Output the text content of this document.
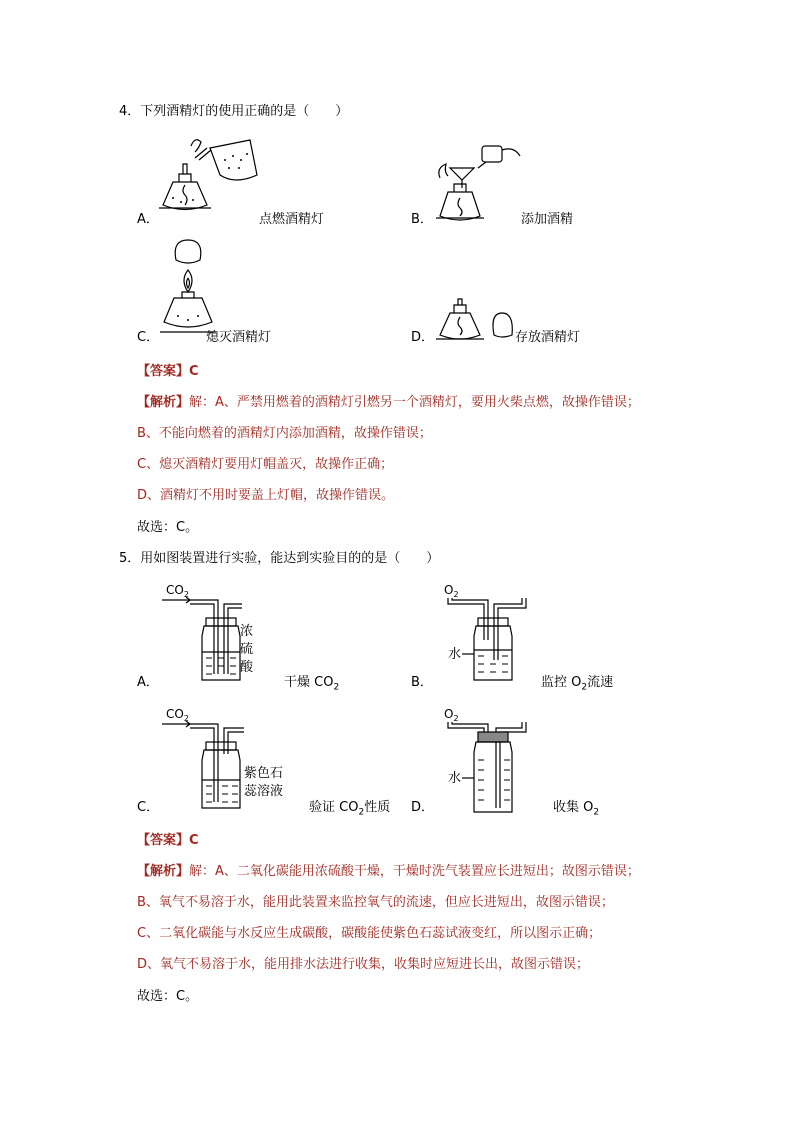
4．下列酒精灯的使用正确的是（　　）
A．	点燃酒精灯	B．	添加酒精
C．	熄灭酒精灯	D．	存放酒精灯
【答案】C
【解析】解：A、严禁用燃着的酒精灯引燃另一个酒精灯，要用火柴点燃，故操作错误；
B、不能向燃着的酒精灯内添加酒精，故操作错误；
C、熄灭酒精灯要用灯帽盖灭，故操作正确；
D、酒精灯不用时要盖上灯帽，故操作错误。
故选：C。
5．用如图装置进行实验，能达到实验目的的是（　　）
$CO_2$
浓
硫
酸
A．	干燥 $CO_2$
$O_2$
水
B．	监控 $O_2$流速
$CO_2$
紫色石
蕊溶液
C．	验证 $CO_2$性质
$O_2$
水
D．	收集 $O_2$
【答案】C
【解析】解：A、二氧化碳能用浓硫酸干燥，干燥时洗气装置应长进短出；故图示错误；
B、氧气不易溶于水，能用此装置来监控氧气的流速，但应长进短出，故图示错误；
C、二氧化碳能与水反应生成碳酸，碳酸能使紫色石蕊试液变红，所以图示正确；
D、氧气不易溶于水，能用排水法进行收集，收集时应短进长出，故图示错误；
故选：C。
